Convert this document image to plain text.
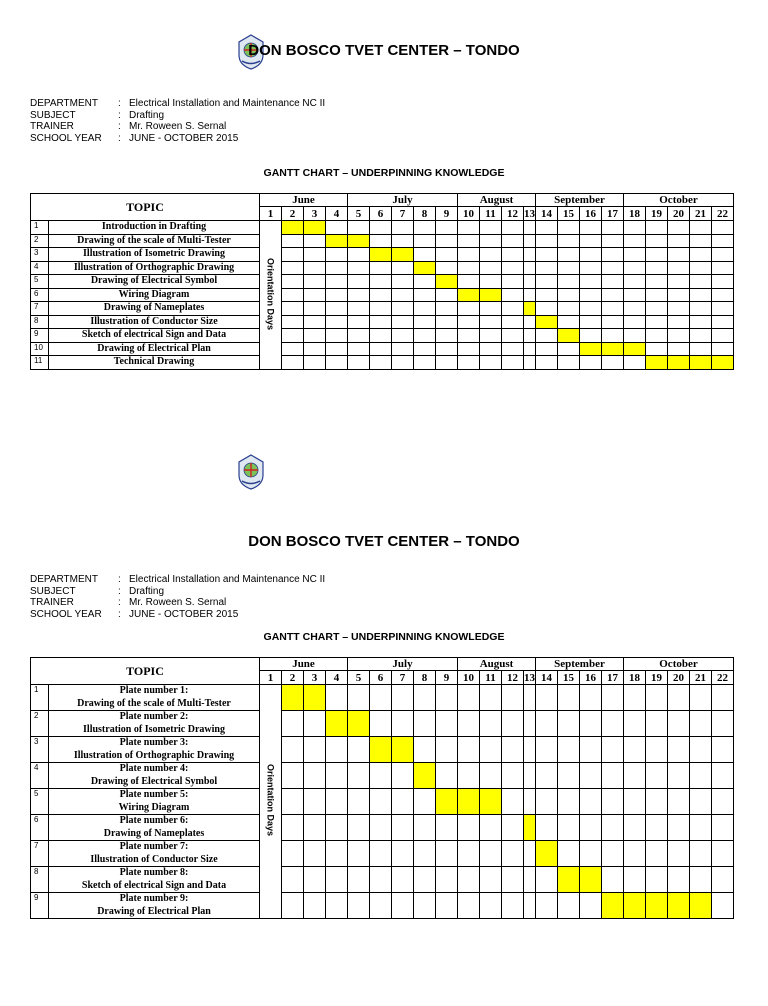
DON BOSCO TVET CENTER – TONDO
DEPARTMENT	: Electrical Installation and Maintenance NC II
SUBJECT	: Drafting
TRAINER	: Mr. Roween S. Sernal
SCHOOL YEAR	: JUNE - OCTOBER 2015
GANTT CHART – UNDERPINNING KNOWLEDGE
TOPIC		June				July					August				September				October				
		1	2	3	4	5	6	7	8	9	10	11	12	13	14	15	16	17	18	19	20	21	22
1	Introduction in Drafting	Orientation Days																					
2	Drawing of the scale of Multi-Tester																						
3	Illustration of Isometric Drawing																						
4	Illustration of Orthographic Drawing																						
5	Drawing of Electrical Symbol																						
6	Wiring Diagram																						
7	Drawing of Nameplates																						
8	Illustration of Conductor Size																						
9	Sketch of electrical Sign and Data																						
10	Drawing of Electrical Plan																						
11	Technical Drawing																						
DON BOSCO TVET CENTER – TONDO
DEPARTMENT	: Electrical Installation and Maintenance NC II
SUBJECT	: Drafting
TRAINER	: Mr. Roween S. Sernal
SCHOOL YEAR	: JUNE - OCTOBER 2015
GANTT CHART – UNDERPINNING KNOWLEDGE
TOPIC		June				July					August				September				October				
		1	2	3	4	5	6	7	8	9	10	11	12	13	14	15	16	17	18	19	20	21	22
1	Plate number 1:
Drawing of the scale of Multi-Tester	Orientation Days																					
2	Plate number 2:
Illustration of Isometric Drawing																						

3	Plate number 3:
Illustration of Orthographic Drawing																						

4	Plate number 4:
Drawing of Electrical Symbol																						

5	Plate number 5:
Wiring Diagram																						

6	Plate number 6:
Drawing of Nameplates																						

7	Plate number 7:
Illustration of Conductor Size																						

8	Plate number 8:
Sketch of electrical Sign and Data																						

9	Plate number 9:
Drawing of Electrical Plan																						
